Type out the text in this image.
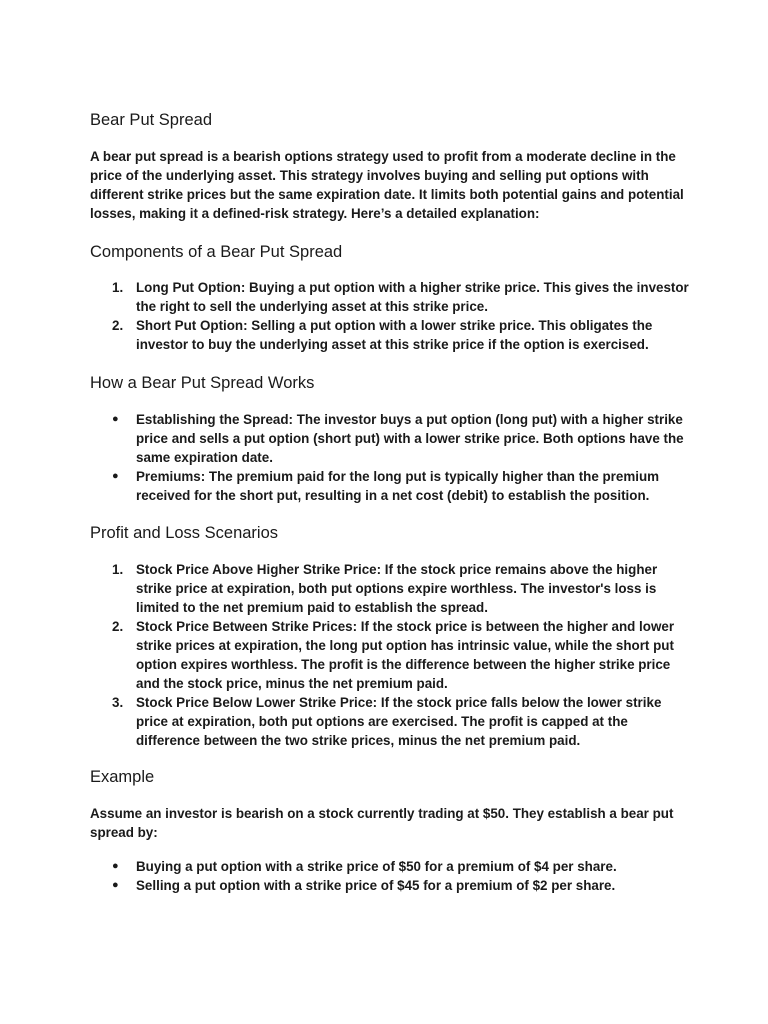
Bear Put Spread

A bear put spread is a bearish options strategy used to profit from a moderate decline in the price of the underlying asset. This strategy involves buying and selling put options with different strike prices but the same expiration date. It limits both potential gains and potential losses, making it a defined-risk strategy. Here’s a detailed explanation:

Components of a Bear Put Spread
1. Long Put Option: Buying a put option with a higher strike price. This gives the investor the right to sell the underlying asset at this strike price.
2. Short Put Option: Selling a put option with a lower strike price. This obligates the investor to buy the underlying asset at this strike price if the option is exercised.
How a Bear Put Spread Works
●	Establishing the Spread: The investor buys a put option (long put) with a higher strike price and sells a put option (short put) with a lower strike price. Both options have the same expiration date.
●	Premiums: The premium paid for the long put is typically higher than the premium received for the short put, resulting in a net cost (debit) to establish the position.
Profit and Loss Scenarios
1. Stock Price Above Higher Strike Price: If the stock price remains above the higher strike price at expiration, both put options expire worthless. The investor's loss is limited to the net premium paid to establish the spread.
2. Stock Price Between Strike Prices: If the stock price is between the higher and lower strike prices at expiration, the long put option has intrinsic value, while the short put option expires worthless. The profit is the difference between the higher strike price and the stock price, minus the net premium paid.
3. Stock Price Below Lower Strike Price: If the stock price falls below the lower strike price at expiration, both put options are exercised. The profit is capped at the difference between the two strike prices, minus the net premium paid.
Example

Assume an investor is bearish on a stock currently trading at $50. They establish a bear put spread by:

●	Buying a put option with a strike price of $50 for a premium of $4 per share.
●	Selling a put option with a strike price of $45 for a premium of $2 per share.
